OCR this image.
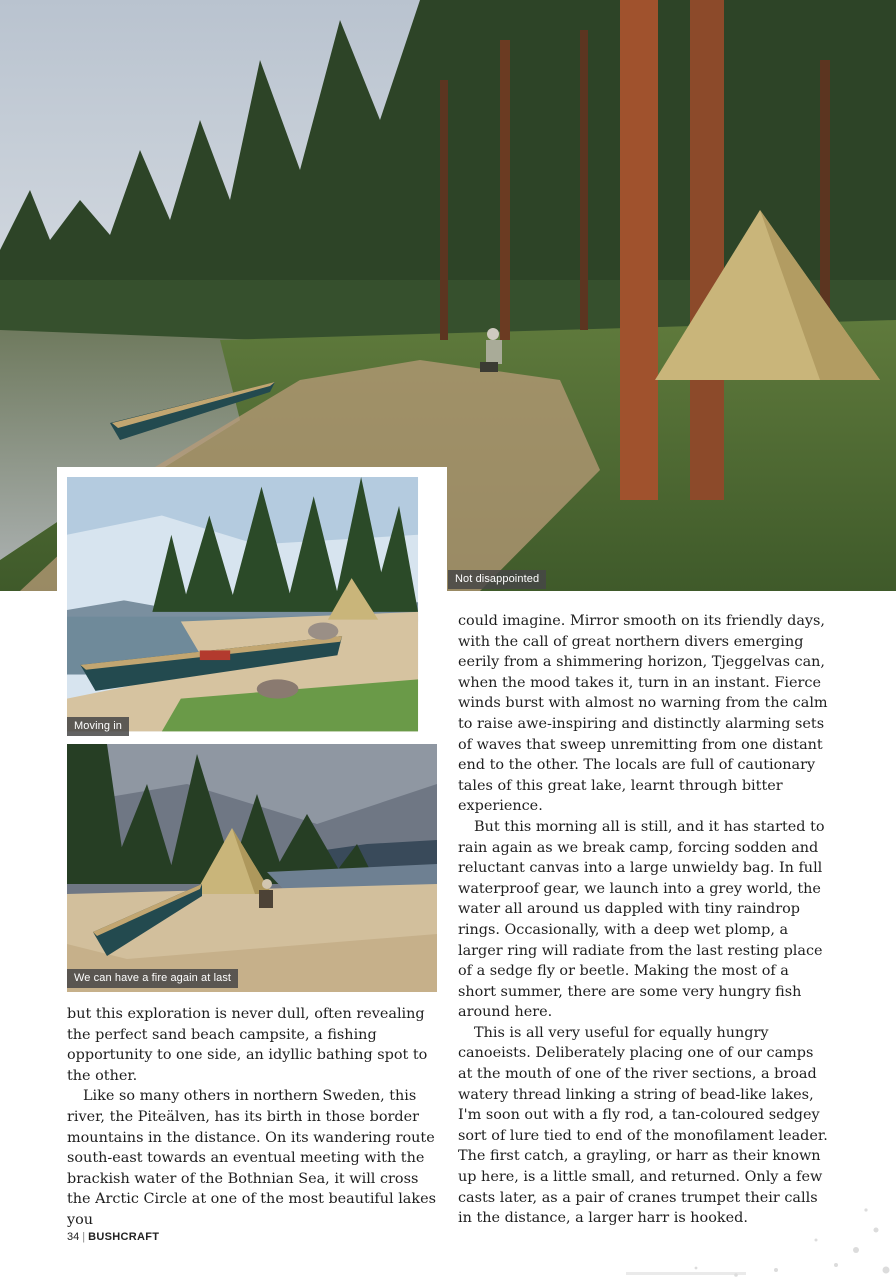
Not disappointed
Moving in
We can have a fire again at last

but this exploration is never dull, often revealing the perfect sand beach campsite, a fishing opportunity to one side, an idyllic bathing spot to the other.

Like so many others in northern Sweden, this river, the Piteälven, has its birth in those border mountains in the distance. On its wandering route south-east towards an eventual meeting with the brackish water of the Bothnian Sea, it will cross the Arctic Circle at one of the most beautiful lakes you

could imagine. Mirror smooth on its friendly days, with the call of great northern divers emerging eerily from a shimmering horizon, Tjeggelvas can, when the mood takes it, turn in an instant. Fierce winds burst with almost no warning from the calm to raise awe-inspiring and distinctly alarming sets of waves that sweep unremitting from one distant end to the other. The locals are full of cautionary tales of this great lake, learnt through bitter experience.

But this morning all is still, and it has started to rain again as we break camp, forcing sodden and reluctant canvas into a large unwieldy bag. In full waterproof gear, we launch into a grey world, the water all around us dappled with tiny raindrop rings. Occasionally, with a deep wet plomp, a larger ring will radiate from the last resting place of a sedge fly or beetle. Making the most of a short summer, there are some very hungry fish around here.

This is all very useful for equally hungry canoeists. Deliberately placing one of our camps at the mouth of one of the river sections, a broad watery thread linking a string of bead-like lakes, I'm soon out with a fly rod, a tan-coloured sedgey sort of lure tied to end of the monofilament leader. The first catch, a grayling, or harr as their known up here, is a little small, and returned. Only a few casts later, as a pair of cranes trumpet their calls in the distance, a larger harr is hooked.

34 | BUSHCRAFT
